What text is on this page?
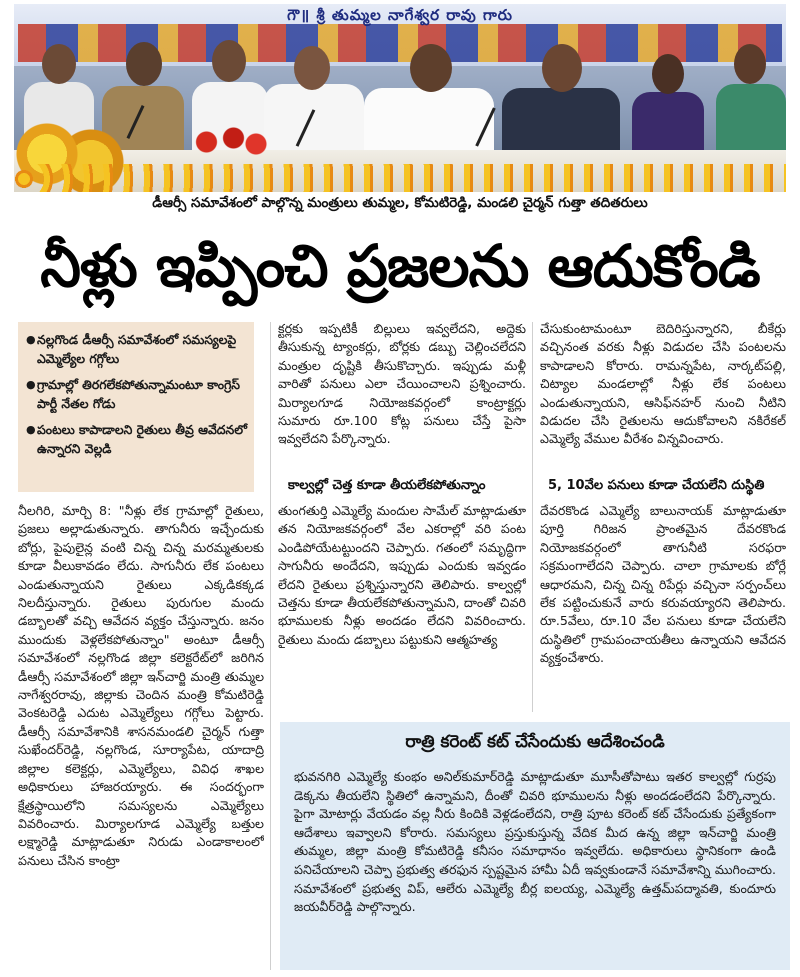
గౌ॥ శ్రీ తుమ్మల నాగేశ్వర రావు గారు
డీఆర్సీ సమావేశంలో పాల్గొన్న మంత్రులు తుమ్మల, కోమటిరెడ్డి, మండలి చైర్మన్ గుత్తా తదితరులు
నీళ్లు ఇప్పించి ప్రజలను ఆదుకోండి
● నల్లగొండ డీఆర్సీ సమావేశంలో సమస్యలపై ఎమ్మెల్యేల గగ్గోలు
● గ్రామాల్లో తిరగలేకపోతున్నామంటూ కాంగ్రెస్ పార్టీ నేతల గోడు
● పంటలు కాపాడాలని రైతులు తీవ్ర ఆవేదనలో ఉన్నారని వెల్లడి
నీలగిరి, మార్చి 8: "నీళ్లు లేక గ్రామాల్లో రైతులు, ప్రజలు అల్లాడుతున్నారు. తాగునీరు ఇచ్చేందుకు బోర్లు, పైపులైన్ల వంటి చిన్న చిన్న మరమ్మతులకు కూడా వీలుకావడం లేదు. సాగునీరు లేక పంటలు ఎండుతున్నాయని రైతులు ఎక్కడికక్కడ నిలదీస్తున్నారు. రైతులు పురుగుల మందు డబ్బాలతో వచ్చి ఆవేదన వ్యక్తం చేస్తున్నారు. జనం ముందుకు వెళ్లలేకపోతున్నాం" అంటూ డీఆర్సీ సమావేశంలో నల్లగొండ జిల్లా కలెక్టరేట్‌లో జరిగిన డీఆర్సీ సమావేశంలో జిల్లా ఇన్‌చార్జి మంత్రి తుమ్మల నాగేశ్వరరావు, జిల్లాకు చెందిన మంత్రి కోమటిరెడ్డి వెంకటరెడ్డి ఎదుట ఎమ్మెల్యేలు గగ్గోలు పెట్టారు. డీఆర్సీ సమావేశానికి శాసనమండలి చైర్మన్ గుత్తా సుఖేందర్‌రెడ్డి, నల్లగొండ, సూర్యాపేట, యాదాద్రి జిల్లాల కలెక్టర్లు, ఎమ్మెల్యేలు, వివిధ శాఖల అధికారులు హాజరయ్యారు. ఈ సందర్భంగా క్షేత్రస్థాయిలోని సమస్యలను ఎమ్మెల్యేలు వివరించారు. మిర్యాలగూడ ఎమ్మెల్యే బత్తుల లక్ష్మారెడ్డి మాట్లాడుతూ నిరుడు ఎండాకాలంలో పనులు చేసిన కాంట్రా
క్టర్లకు ఇప్పటికీ బిల్లులు ఇవ్వలేదని, అద్దెకు తీసుకున్న ట్యాంకర్లు, బోర్లకు డబ్బు చెల్లించలేదని మంత్రుల దృష్టికి తీసుకొచ్చారు. ఇప్పుడు మళ్లీ వారితో పనులు ఎలా చేయించాలని ప్రశ్నించారు. మిర్యాలగూడ నియోజకవర్గంలో కాంట్రాక్టర్లు సుమారు రూ.100 కోట్ల పనులు చేస్తే పైసా ఇవ్వలేదని పేర్కొన్నారు.
కాల్వల్లో చెత్త కూడా తీయలేకపోతున్నాం
తుంగతుర్తి ఎమ్మెల్యే మందుల సామేల్ మాట్లాడుతూ తన నియోజకవర్గంలో వేల ఎకరాల్లో వరి పంట ఎండిపోయేటట్టుందని చెప్పారు. గతంలో సమృద్ధిగా సాగునీరు అందేదని, ఇప్పుడు ఎందుకు ఇవ్వడం లేదని రైతులు ప్రశ్నిస్తున్నారని తెలిపారు. కాల్వల్లో చెత్తను కూడా తీయలేకపోతున్నామని, దాంతో చివరి భూములకు నీళ్లు అందడం లేదని వివరించారు. రైతులు మందు డబ్బాలు పట్టుకుని ఆత్మహత్య
చేసుకుంటామంటూ బెదిరిస్తున్నారని, బీకేర్లు వచ్చినంత వరకు నీళ్లు విడుదల చేసి పంటలను కాపాడాలని కోరారు. రామన్నపేట, నార్కట్‌పల్లి, చిట్యాల మండలాల్లో నీళ్లు లేక పంటలు ఎండుతున్నాయని, ఆసిఫ్‌నహర్ నుంచి నీటిని విడుదల చేసి రైతులను ఆదుకోవాలని నకిరేకల్ ఎమ్మెల్యే వేముల వీరేశం విన్నవించారు.
5, 10వేల పనులు కూడా చేయలేని దుస్థితి
దేవరకొండ ఎమ్మెల్యే బాలునాయక్ మాట్లాడుతూ పూర్తి గిరిజన ప్రాంతమైన దేవరకొండ నియోజకవర్గంలో తాగునీటి సరఫరా సక్రమంగాలేదని చెప్పారు. చాలా గ్రామాలకు బోర్లే ఆధారమని, చిన్న చిన్న రిపేర్లు వచ్చినా సర్పంచ్‌లు లేక పట్టించుకునే వారు కరువయ్యారని తెలిపారు. రూ.5వేలు, రూ.10 వేల పనులు కూడా చేయలేని దుస్థితిలో గ్రామపంచాయతీలు ఉన్నాయని ఆవేదన వ్యక్తంచేశారు.
రాత్రి కరెంట్ కట్ చేసేందుకు ఆదేశించండి
భువనగిరి ఎమ్మెల్యే కుంభం అనిల్‌కుమార్‌రెడ్డి మాట్లాడుతూ మూసీతోపాటు ఇతర కాల్వల్లో గుర్రపు డెక్కను తీయలేని స్థితిలో ఉన్నామని, దీంతో చివరి భూములను నీళ్లు అందడంలేదని పేర్కొన్నారు. పైగా మోటార్లు వేయడం వల్ల నీరు కిందికి వెళ్లడంలేదని, రాత్రి పూట కరెంట్ కట్ చేసేందుకు ప్రత్యేకంగా ఆదేశాలు ఇవ్వాలని కోరారు. సమస్యలు ప్రస్తుకుస్తున్న వేదిక మీద ఉన్న జిల్లా ఇన్‌చార్జి మంత్రి తుమ్మల, జిల్లా మంత్రి కోమటిరెడ్డి కనీసం సమాధానం ఇవ్వలేదు. అధికారులు స్థానికంగా ఉండి పనిచేయాలని చెప్పా ప్రభుత్వ తరఫున స్పష్టమైన హామీ ఏదీ ఇవ్వకుండానే సమావేశాన్ని ముగించారు. సమావేశంలో ప్రభుత్వ విప్, ఆలేరు ఎమ్మెల్యే బీర్ల ఐలయ్య, ఎమ్మెల్యే ఉత్తమ్‌పద్మావతి, కుందూరు జయవీర్‌రెడ్డి పాల్గొన్నారు.
